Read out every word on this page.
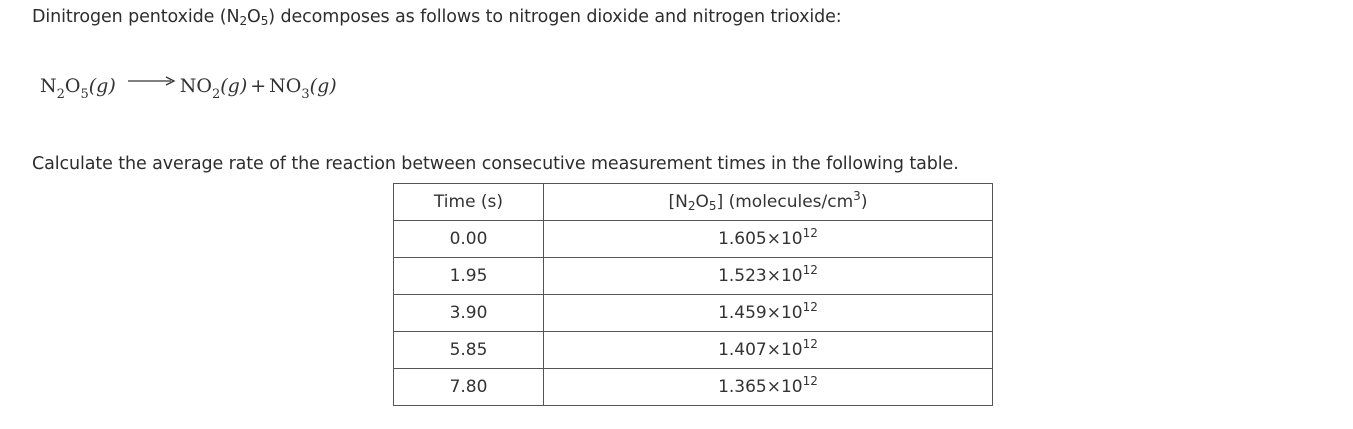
Dinitrogen pentoxide $(N_2O_5)$ decomposes as follows to nitrogen dioxide and nitrogen trioxide:
$N_2O_5(g) \to NO_2(g) + NO_3(g)$
Calculate the average rate of the reaction between consecutive measurement times in the following table.
Time (s)	$[N_2O_5]$ $(molecules/cm^3)$
0.00	$1.605\times 10^{12}$
1.95	$1.523\times 10^{12}$
3.90	$1.459\times 10^{12}$
5.85	$1.407\times 10^{12}$
7.80	$1.365\times 10^{12}$
